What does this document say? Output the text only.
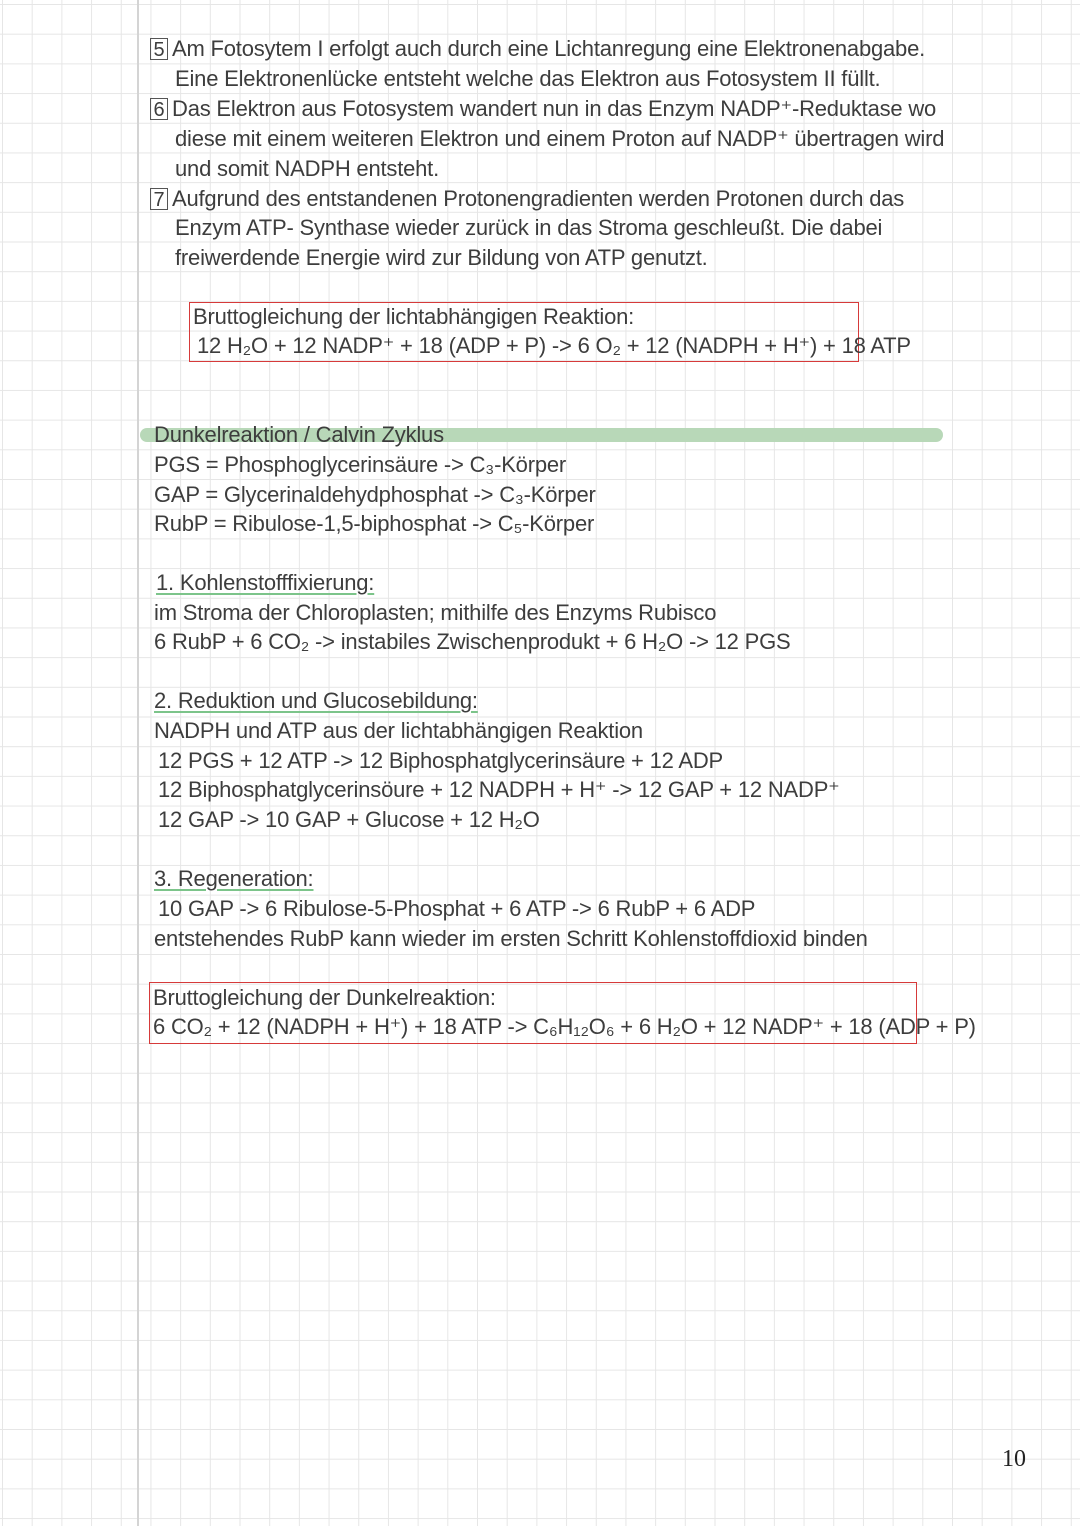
5 Am Fotosytem I erfolgt auch durch eine Lichtanregung eine Elektronenabgabe.
Eine Elektronenlücke entsteht welche das Elektron aus Fotosystem II füllt.
6 Das Elektron aus Fotosystem wandert nun in das Enzym NADP⁺-Reduktase wo
diese mit einem weiteren Elektron und einem Proton auf NADP⁺ übertragen wird
und somit NADPH entsteht.
7 Aufgrund des entstandenen Protonengradienten werden Protonen durch das
Enzym ATP- Synthase wieder zurück in das Stroma geschleußt. Die dabei
freiwerdende Energie wird zur Bildung von ATP genutzt.
Bruttogleichung der lichtabhängigen Reaktion:
12 H₂O + 12 NADP⁺ + 18 (ADP + P) -> 6 O₂ + 12 (NADPH + H⁺) + 18 ATP
Dunkelreaktion / Calvin Zyklus
PGS = Phosphoglycerinsäure -> C₃-Körper
GAP = Glycerinaldehydphosphat -> C₃-Körper
RubP = Ribulose-1,5-biphosphat -> C₅-Körper
1. Kohlenstofffixierung:
im Stroma der Chloroplasten; mithilfe des Enzyms Rubisco
6 RubP + 6 CO₂ -> instabiles Zwischenprodukt + 6 H₂O -> 12 PGS
2. Reduktion und Glucosebildung:
NADPH und ATP aus der lichtabhängigen Reaktion
12 PGS + 12 ATP -> 12 Biphosphatglycerinsäure + 12 ADP
12 Biphosphatglycerinsöure + 12 NADPH + H⁺ -> 12 GAP + 12 NADP⁺
12 GAP -> 10 GAP + Glucose + 12 H₂O
3. Regeneration:
10 GAP -> 6 Ribulose-5-Phosphat + 6 ATP -> 6 RubP + 6 ADP
entstehendes RubP kann wieder im ersten Schritt Kohlenstoffdioxid binden
Bruttogleichung der Dunkelreaktion:
6 CO₂ + 12 (NADPH + H⁺) + 18 ATP -> C₆H₁₂O₆ + 6 H₂O + 12 NADP⁺ + 18 (ADP + P)
10
